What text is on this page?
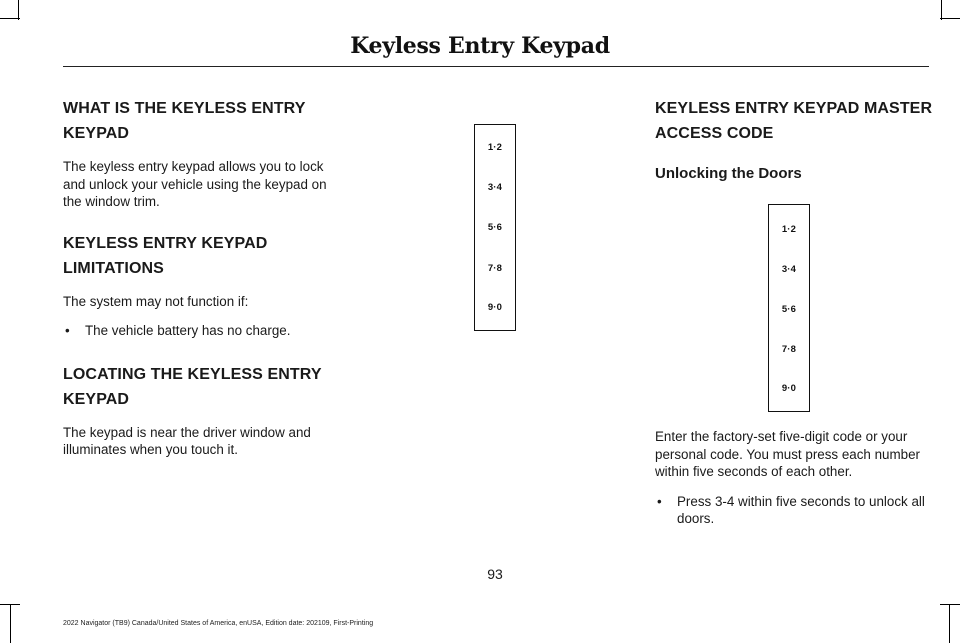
Keyless Entry Keypad

WHAT IS THE KEYLESS ENTRY
KEYPAD

The keyless entry keypad allows you to lock and unlock your vehicle using the keypad on the window trim.

KEYLESS ENTRY KEYPAD
LIMITATIONS

The system may not function if:

• The vehicle battery has no charge.

LOCATING THE KEYLESS ENTRY
KEYPAD

The keypad is near the driver window and illuminates when you touch it.

1·2
3·4
5·6
7·8
9·0

KEYLESS ENTRY KEYPAD MASTER
ACCESS CODE

Unlocking the Doors

1·2
3·4
5·6
7·8
9·0

Enter the factory-set five-digit code or your personal code. You must press each number within five seconds of each other.

• Press 3-4 within five seconds to unlock all doors.
93
2022 Navigator (TB9) Canada/United States of America, enUSA, Edition date: 202109, First-Printing
